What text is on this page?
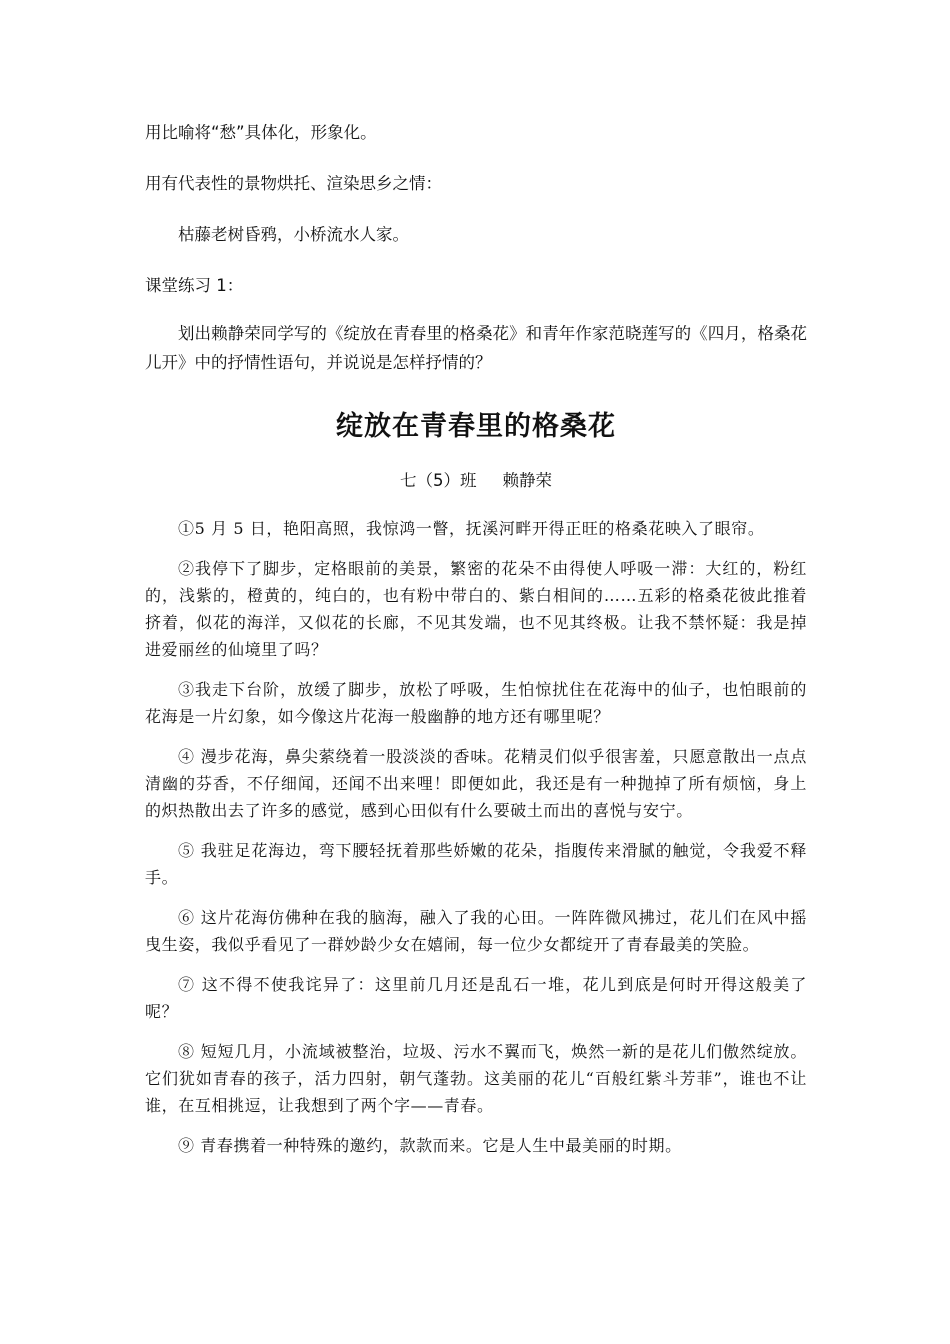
用比喻将“愁”具体化，形象化。

用有代表性的景物烘托、渲染思乡之情：

枯藤老树昏鸦，小桥流水人家。

课堂练习 1：

划出赖静荣同学写的《绽放在青春里的格桑花》和青年作家范晓莲写的《四月，格桑花儿开》中的抒情性语句，并说说是怎样抒情的？

绽放在青春里的格桑花
七（5）班 赖静荣

①5 月 5 日，艳阳高照，我惊鸿一瞥，抚溪河畔开得正旺的格桑花映入了眼帘。

②我停下了脚步，定格眼前的美景，繁密的花朵不由得使人呼吸一滞：大红的，粉红的，浅紫的，橙黄的，纯白的，也有粉中带白的、紫白相间的……五彩的格桑花彼此推着挤着，似花的海洋，又似花的长廊，不见其发端，也不见其终极。让我不禁怀疑：我是掉进爱丽丝的仙境里了吗？

③我走下台阶，放缓了脚步，放松了呼吸，生怕惊扰住在花海中的仙子，也怕眼前的花海是一片幻象，如今像这片花海一般幽静的地方还有哪里呢？

④ 漫步花海，鼻尖萦绕着一股淡淡的香味。花精灵们似乎很害羞，只愿意散出一点点清幽的芬香，不仔细闻，还闻不出来哩！即便如此，我还是有一种抛掉了所有烦恼，身上的炽热散出去了许多的感觉，感到心田似有什么要破土而出的喜悦与安宁。

⑤ 我驻足花海边，弯下腰轻抚着那些娇嫩的花朵，指腹传来滑腻的触觉，令我爱不释手。

⑥ 这片花海仿佛种在我的脑海，融入了我的心田。一阵阵微风拂过，花儿们在风中摇曳生姿，我似乎看见了一群妙龄少女在嬉闹，每一位少女都绽开了青春最美的笑脸。

⑦ 这不得不使我诧异了：这里前几月还是乱石一堆，花儿到底是何时开得这般美了呢？

⑧ 短短几月，小流域被整治，垃圾、污水不翼而飞，焕然一新的是花儿们傲然绽放。它们犹如青春的孩子，活力四射，朝气蓬勃。这美丽的花儿“百般红紫斗芳菲”，谁也不让谁，在互相挑逗，让我想到了两个字——青春。

⑨ 青春携着一种特殊的邀约，款款而来。它是人生中最美丽的时期。
